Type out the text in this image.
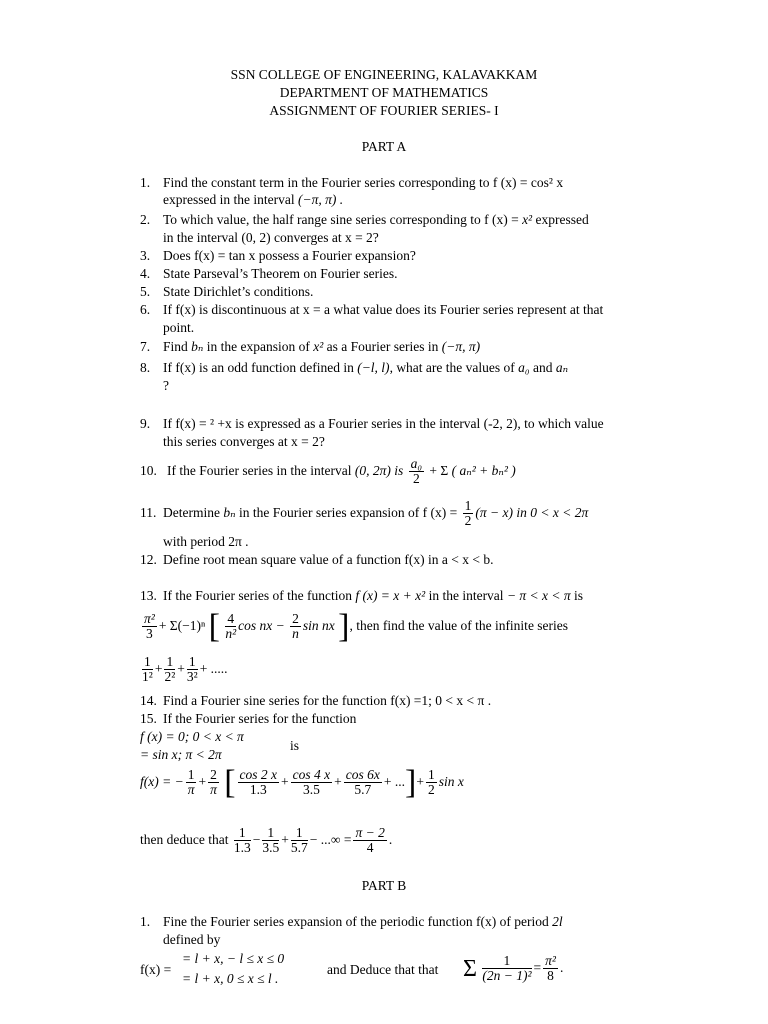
SSN COLLEGE OF ENGINEERING, KALAVAKKAM
DEPARTMENT OF MATHEMATICS
ASSIGNMENT OF FOURIER SERIES- I
PART A
1. Find the constant term in the Fourier series corresponding to f (x) = cos² x
expressed in the interval (−π, π) .
2. To which value, the half range sine series corresponding to f (x) = x² expressed
in the interval (0, 2) converges at x = 2?
3. Does f(x) = tan x possess a Fourier expansion?
4. State Parseval’s Theorem on Fourier series.
5. State Dirichlet’s conditions.
6. If f(x) is discontinuous at x = a what value does its Fourier series represent at that
point.
7. Find bₙ in the expansion of x² as a Fourier series in (−π, π)
8. If f(x) is an odd function defined in (−l, l), what are the values of a₀ and aₙ
?
9. If f(x) = ² +x is expressed as a Fourier series in the interval (-2, 2), to which value
this series converges at x = 2?
10. If the Fourier series in the interval (0, 2π) is $\frac{\text{a₀}}{2} + \Sigma$ ( aₙ² + bₙ² )
11. Determine bₙ in the Fourier series expansion of f $(x) = \frac{1}{2} (\pi - x)$ in 0 < x < 2π
with period 2π .
12. Define root mean square value of a function f(x) in a < x < b.
13. If the Fourier series of the function f (x) = x + x² in the interval − π < x < π is
$\frac{\text{π²}}{3} + \Sigma(-1)^n$ [ $\frac{4}{\text{n²}}$ cos nx − $\frac{2}{n}$ sin nx ], then find the value of the infinite series
$\frac{1}{\text{1²}} + \frac{1}{\text{2²}} + \frac{1}{\text{3²}}$ + .....
14. Find a Fourier sine series for the function f(x) =1; 0 < x < π .
15. If the Fourier series for the function
f (x) = 0; 0 < x < π
= sin x; π < 2π
is
f(x) = − $\frac{1}{\pi} + \frac{2}{\pi}$ [ $\frac{\cos 2 x}{1.3} + \frac{\cos 4 x}{3.5} + \frac{\cos 6x}{5.7}$ + ...]+ $\frac{1}{2}$ sin x
then deduce that $\frac{1}{1.3} - \frac{1}{3.5} + \frac{1}{5.7}$ − ...∞ = $\frac{\pi - 2}{4}$ .
PART B
1. Fine the Fourier series expansion of the periodic function f(x) of period 2l
defined by
f(x) =
= l + x, − l ≤ x ≤ 0
= l + x, 0 ≤ x ≤ l .
and Deduce that that Σ $\frac{1}{\text{(2n − 1)²}} = \frac{\text{π²}}{8}$ .
